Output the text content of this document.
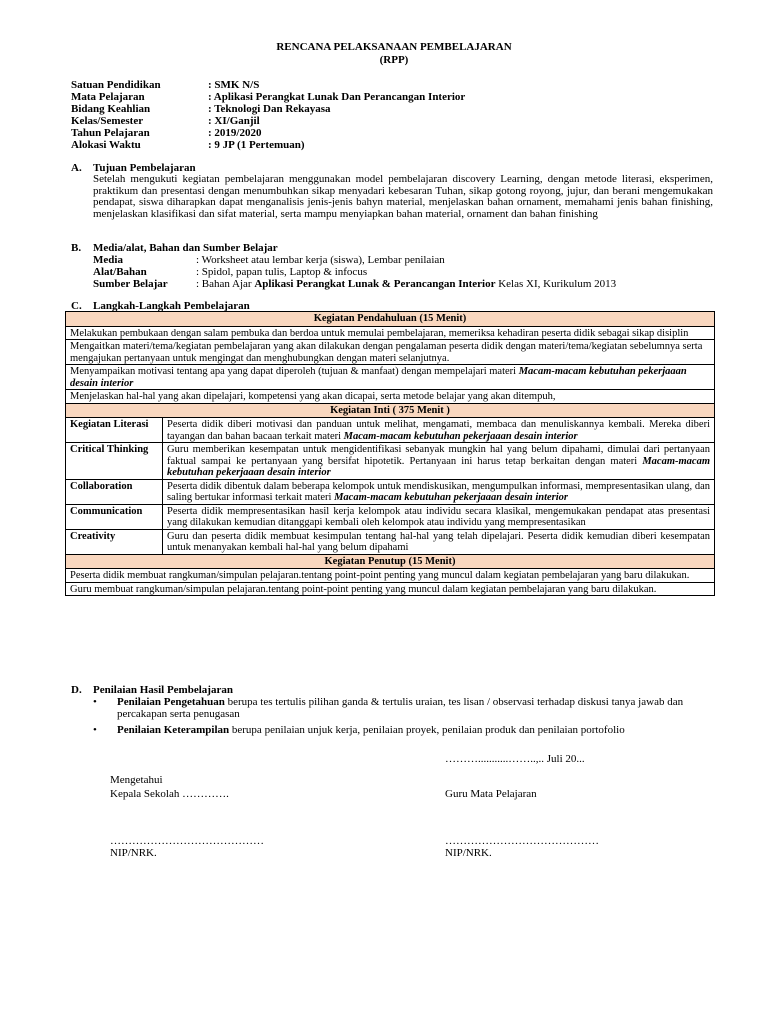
RENCANA PELAKSANAAN PEMBELAJARAN
(RPP)
Satuan Pendidikan	: SMK N/S
Mata Pelajaran	: Aplikasi Perangkat Lunak Dan Perancangan Interior
Bidang Keahlian	: Teknologi Dan Rekayasa
Kelas/Semester	: XI/Ganjil
Tahun Pelajaran	: 2019/2020
Alokasi Waktu	: 9 JP (1 Pertemuan)
A. Tujuan Pembelajaran
Setelah mengukuti kegiatan pembelajaran menggunakan model pembelajaran discovery Learning, dengan metode literasi, eksperimen, praktikum dan presentasi dengan menumbuhkan sikap menyadari kebesaran Tuhan, sikap gotong royong, jujur, dan berani mengemukakan pendapat, siswa diharapkan dapat menganalisis jenis-jenis bahyn material, menjelaskan bahan ornament, memahami jenis bahan finishing, menjelaskan klasifikasi dan sifat material, serta mampu menyiapkan bahan material, ornament dan bahan finishing
B. Media/alat, Bahan dan Sumber Belajar
Media	: Worksheet atau lembar kerja (siswa), Lembar penilaian
Alat/Bahan	: Spidol, papan tulis, Laptop & infocus
Sumber Belajar	: Bahan Ajar Aplikasi Perangkat Lunak & Perancangan Interior Kelas XI, Kurikulum 2013
C. Langkah-Langkah Pembelajaran
Kegiatan Pendahuluan (15 Menit)	
Melakukan pembukaan dengan salam pembuka dan berdoa untuk memulai pembelajaran, memeriksa kehadiran peserta didik sebagai sikap disiplin	
Mengaitkan materi/tema/kegiatan pembelajaran yang akan dilakukan dengan pengalaman peserta didik dengan materi/tema/kegiatan sebelumnya serta mengajukan pertanyaan untuk mengingat dan menghubungkan dengan materi selanjutnya.	
Menyampaikan motivasi tentang apa yang dapat diperoleh (tujuan & manfaat) dengan mempelajari materi Macam-macam kebutuhan pekerjaaan desain interior	
Menjelaskan hal-hal yang akan dipelajari, kompetensi yang akan dicapai, serta metode belajar yang akan ditempuh,	
Kegiatan Inti ( 375 Menit )	
Kegiatan Literasi	Peserta didik diberi motivasi dan panduan untuk melihat, mengamati, membaca dan menuliskannya kembali. Mereka diberi tayangan dan bahan bacaan terkait materi Macam-macam kebutuhan pekerjaaan desain interior
Critical Thinking	Guru memberikan kesempatan untuk mengidentifikasi sebanyak mungkin hal yang belum dipahami, dimulai dari pertanyaan faktual sampai ke pertanyaan yang bersifat hipotetik. Pertanyaan ini harus tetap berkaitan dengan materi Macam-macam kebutuhan pekerjaaan desain interior
Collaboration	Peserta didik dibentuk dalam beberapa kelompok untuk mendiskusikan, mengumpulkan informasi, mempresentasikan ulang, dan saling bertukar informasi terkait materi Macam-macam kebutuhan pekerjaaan desain interior
Communication	Peserta didik mempresentasikan hasil kerja kelompok atau individu secara klasikal, mengemukakan pendapat atas presentasi yang dilakukan kemudian ditanggapi kembali oleh kelompok atau individu yang mempresentasikan
Creativity	Guru dan peserta didik membuat kesimpulan tentang hal-hal yang telah dipelajari. Peserta didik kemudian diberi kesempatan untuk menanyakan kembali hal-hal yang belum dipahami
Kegiatan Penutup (15 Menit)	
Peserta didik membuat rangkuman/simpulan pelajaran.tentang point-point penting yang muncul dalam kegiatan pembelajaran yang baru dilakukan.	
Guru membuat rangkuman/simpulan pelajaran.tentang point-point penting yang muncul dalam kegiatan pembelajaran yang baru dilakukan.	
D. Penilaian Hasil Pembelajaran
•	Penilaian Pengetahuan berupa tes tertulis pilihan ganda & tertulis uraian, tes lisan / observasi terhadap diskusi tanya jawab dan percakapan serta penugasan
•	Penilaian Keterampilan berupa penilaian unjuk kerja, penilaian proyek, penilaian produk dan penilaian portofolio
………...........……..,.. Juli 20...
Mengetahui
Kepala Sekolah ………….	Guru Mata Pelajaran
……………………………………	……………………………………
NIP/NRK.	NIP/NRK.
